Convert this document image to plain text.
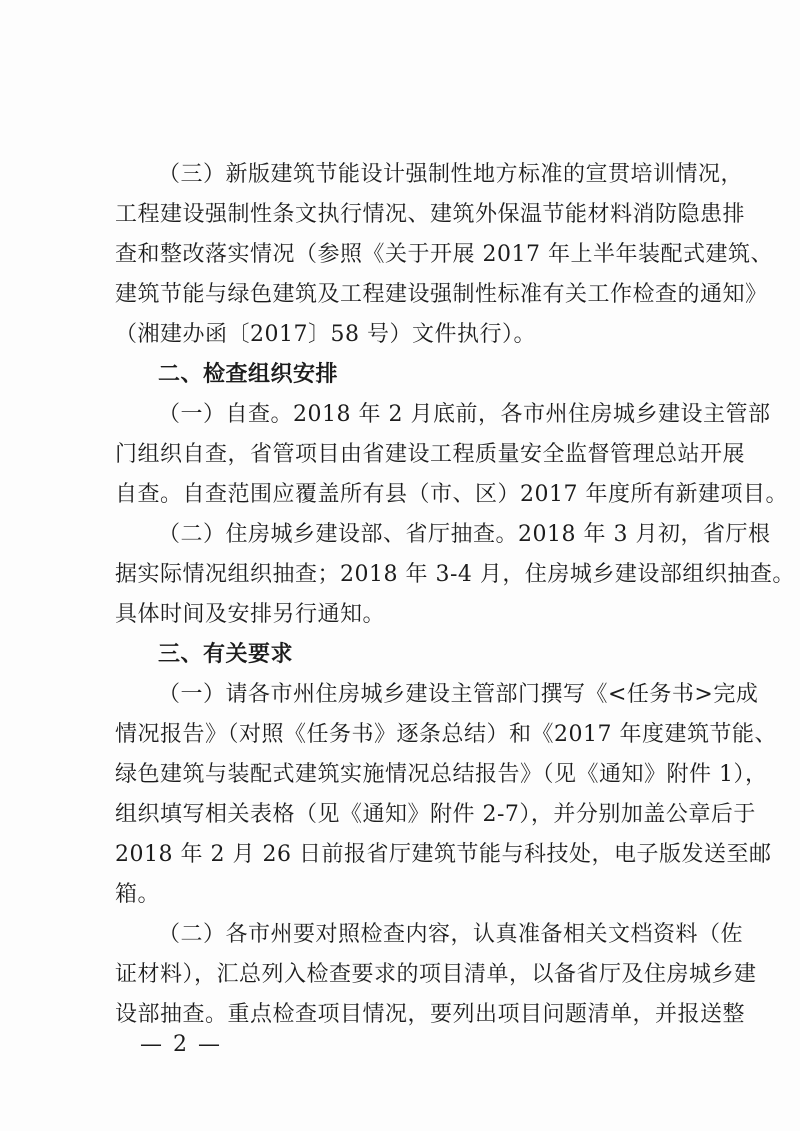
（三）新版建筑节能设计强制性地方标准的宣贯培训情况，
工程建设强制性条文执行情况、建筑外保温节能材料消防隐患排
查和整改落实情况（参照《关于开展 2017 年上半年装配式建筑、
建筑节能与绿色建筑及工程建设强制性标准有关工作检查的通知》
（湘建办函〔2017〕58 号）文件执行）。
二、检查组织安排
（一）自查。2018 年 2 月底前，各市州住房城乡建设主管部
门组织自查，省管项目由省建设工程质量安全监督管理总站开展
自查。自查范围应覆盖所有县（市、区）2017 年度所有新建项目。
（二）住房城乡建设部、省厅抽查。2018 年 3 月初，省厅根
据实际情况组织抽查；2018 年 3-4 月，住房城乡建设部组织抽查。
具体时间及安排另行通知。
三、有关要求
（一）请各市州住房城乡建设主管部门撰写《<任务书>完成
情况报告》（对照《任务书》逐条总结）和《2017 年度建筑节能、
绿色建筑与装配式建筑实施情况总结报告》（见《通知》附件 1），
组织填写相关表格（见《通知》附件 2-7），并分别加盖公章后于
2018 年 2 月 26 日前报省厅建筑节能与科技处，电子版发送至邮
箱。
（二）各市州要对照检查内容，认真准备相关文档资料（佐
证材料），汇总列入检查要求的项目清单，以备省厅及住房城乡建
设部抽查。重点检查项目情况，要列出项目问题清单，并报送整
— 2 —
